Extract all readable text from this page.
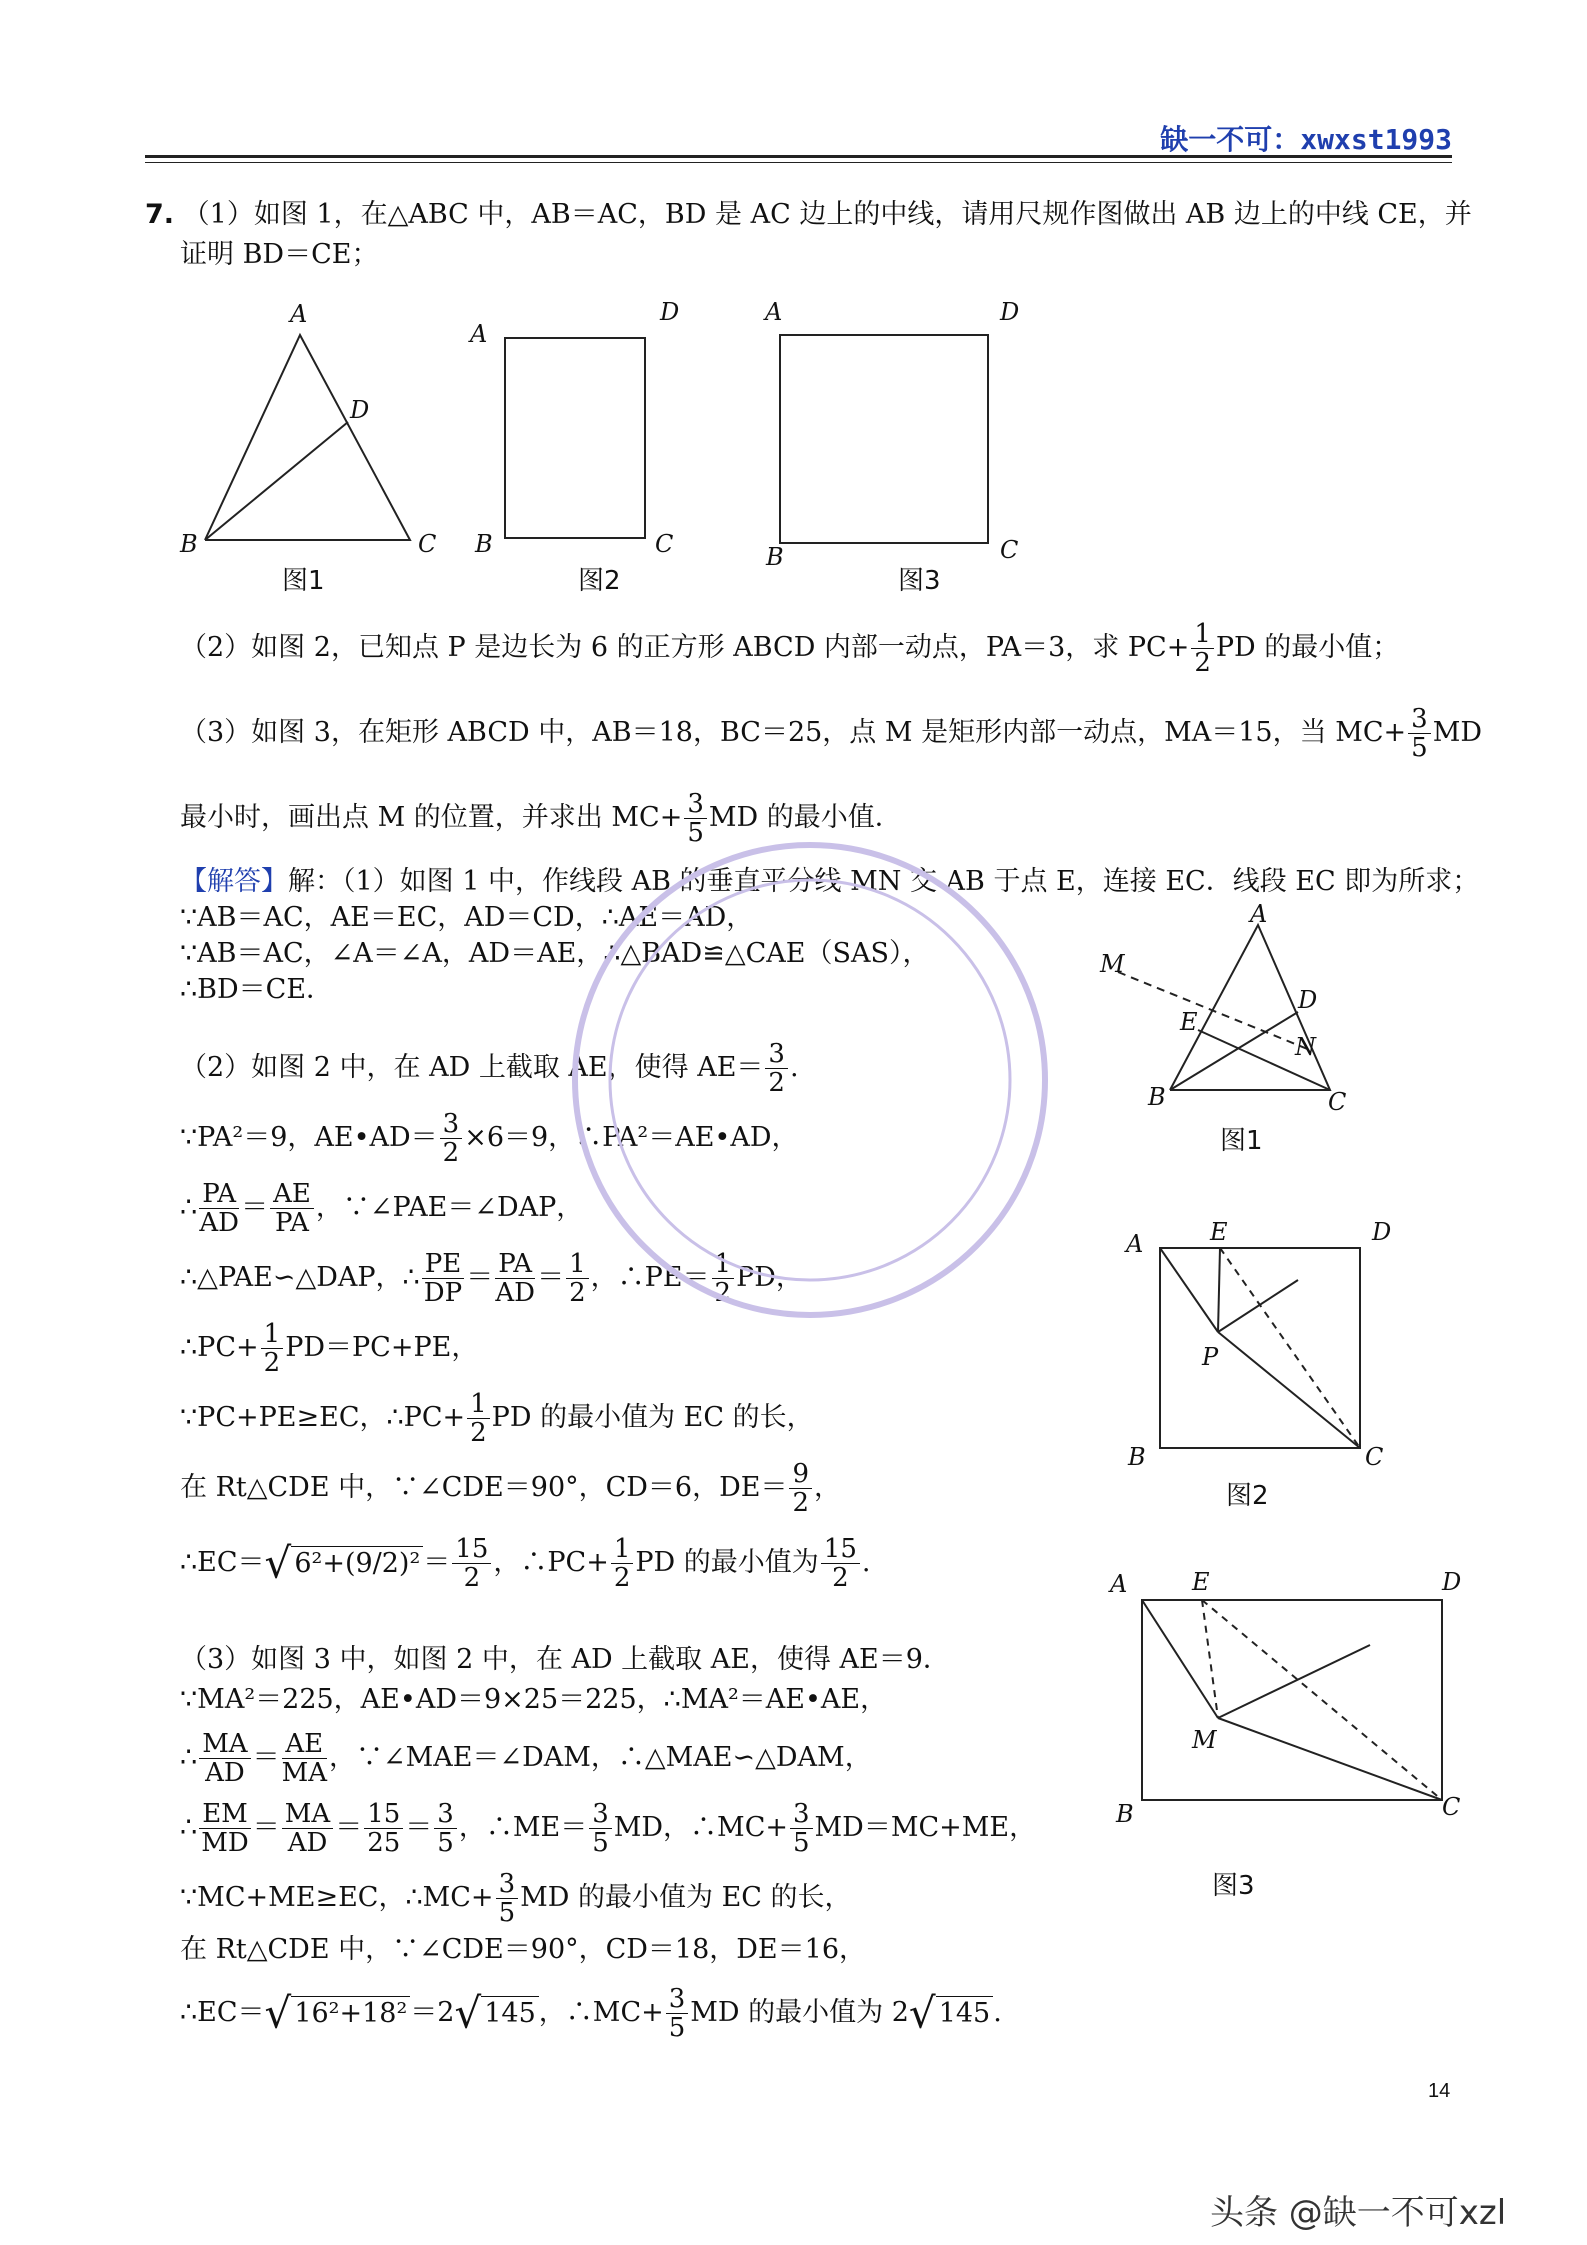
缺一不可：xwxst1993
7. （1）如图 1，在△ABC 中，AB＝AC，BD 是 AC 边上的中线，请用尺规作图做出 AB 边上的中线 CE，并
证明 BD＝CE；
A
D
B	C
A
D
B	C
A	D
B	C
图1	图2	图3
（2）如图 2，已知点 P 是边长为 6 的正方形 ABCD 内部一动点，PA＝3，求 $PC+ \frac{1}{2}$ PD 的最小值；
（3）如图 3，在矩形 ABCD 中，AB＝18，BC＝25，点 M 是矩形内部一动点，MA＝15，当 $MC+ \frac{3}{5}$ MD
最小时，画出点 M 的位置，并求出 $MC+ \frac{3}{5}$ MD 的最小值．
【解答】解：（1）如图 1 中，作线段 AB 的垂直平分线 MN 交 AB 于点 E，连接 EC．线段 EC 即为所求；
∵AB＝AC，AE＝EC，AD＝CD，∴AE＝AD，
∵AB＝AC，∠A＝∠A，AD＝AE，∴△BAD≌△CAE（SAS），
∴BD＝CE．
（2）如图 2 中，在 AD 上截取 AE，使得 $AE= \frac{3}{2}$ .
∵PA²＝9，AE•AD＝ $\frac{3}{2} \times 6=9$，∴PA²＝AE•AD，
∴ $\frac{PA}{AD} = \frac{AE}{PA}$ ，∵∠PAE＝∠DAP，
∴△PAE∽△DAP，∴ $\frac{PE}{DP} = \frac{PA}{AD} = \frac{1}{2}$ ，∴PE＝ $\frac{1}{2}$ PD，
∴PC+ $\frac{1}{2} PD=PC+PE$，
∵PC+PE≥EC，∴PC+ $\frac{1}{2}$ PD 的最小值为 EC 的长，
在 Rt△CDE 中，∵∠CDE＝90°，CD＝6，$DE= \frac{9}{2}$ ，
∴EC＝√ $6^2+(9/2)^2 = \frac{15}{2}$ ，∴PC+ $\frac{1}{2}$ PD 的最小值为 $\frac{15}{2}$ .
（3）如图 3 中，如图 2 中，在 AD 上截取 AE，使得 AE＝9．
∵MA²＝225，AE•AD＝9×25＝225，∴MA²＝AE•AE，
∴ $\frac{MA}{AD} = \frac{AE}{MA}$ ，∵∠MAE＝∠DAM，∴△MAE∽△DAM，
∴ $\frac{EM}{MD} = \frac{MA}{AD} = \frac{15}{25} = \frac{3}{5}$ ，∴ME＝ $\frac{3}{5}$ MD，∴MC+ $\frac{3}{5} MD=MC+ME$，
∵MC+ME≥EC，∴MC+ $\frac{3}{5}$ MD 的最小值为 EC 的长，
在 Rt△CDE 中，∵∠CDE＝90°，CD＝18，DE＝16，
∴EC＝√ 16²+18² ＝2√ 145 ，∴MC+ $\frac{3}{5}$ MD 的最小值为 2√ 145 .
A
D
E
M
N
B	C
A	E	D
P
B	C
A	E	D
M
B	C
图1
图2
图3
14
头条 @缺一不可xzl
